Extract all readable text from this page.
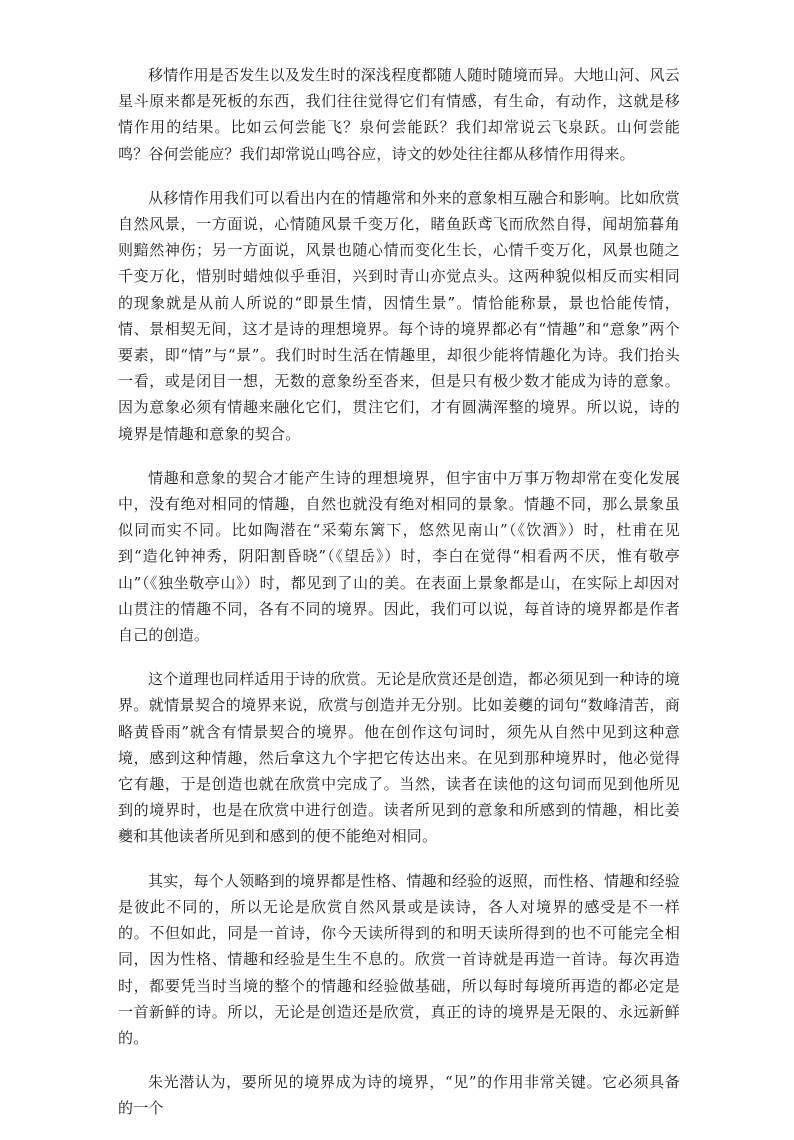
移情作用是否发生以及发生时的深浅程度都随人随时随境而异。大地山河、风云星斗原来都是死板的东西，我们往往觉得它们有情感，有生命，有动作，这就是移情作用的结果。比如云何尝能飞？泉何尝能跃？我们却常说云飞泉跃。山何尝能鸣？谷何尝能应？我们却常说山鸣谷应，诗文的妙处往往都从移情作用得来。

从移情作用我们可以看出内在的情趣常和外来的意象相互融合和影响。比如欣赏自然风景，一方面说，心情随风景千变万化，睹鱼跃鸢飞而欣然自得，闻胡笳暮角则黯然神伤；另一方面说，风景也随心情而变化生长，心情千变万化，风景也随之千变万化，惜别时蜡烛似乎垂泪，兴到时青山亦觉点头。这两种貌似相反而实相同的现象就是从前人所说的“即景生情，因情生景”。情恰能称景，景也恰能传情，情、景相契无间，这才是诗的理想境界。每个诗的境界都必有“情趣”和“意象”两个要素，即“情”与“景”。我们时时生活在情趣里，却很少能将情趣化为诗。我们抬头一看，或是闭目一想，无数的意象纷至沓来，但是只有极少数才能成为诗的意象。因为意象必须有情趣来融化它们，贯注它们，才有圆满浑整的境界。所以说，诗的境界是情趣和意象的契合。

情趣和意象的契合才能产生诗的理想境界，但宇宙中万事万物却常在变化发展中，没有绝对相同的情趣，自然也就没有绝对相同的景象。情趣不同，那么景象虽似同而实不同。比如陶潜在“采菊东篱下，悠然见南山”（《饮酒》）时，杜甫在见到“造化钟神秀，阴阳割昏晓”（《望岳》）时，李白在觉得“相看两不厌，惟有敬亭山”（《独坐敬亭山》）时，都见到了山的美。在表面上景象都是山，在实际上却因对山贯注的情趣不同，各有不同的境界。因此，我们可以说，每首诗的境界都是作者自己的创造。

这个道理也同样适用于诗的欣赏。无论是欣赏还是创造，都必须见到一种诗的境界。就情景契合的境界来说，欣赏与创造并无分别。比如姜夔的词句“数峰清苦，商略黄昏雨”就含有情景契合的境界。他在创作这句词时，须先从自然中见到这种意境，感到这种情趣，然后拿这九个字把它传达出来。在见到那种境界时，他必觉得它有趣，于是创造也就在欣赏中完成了。当然，读者在读他的这句词而见到他所见到的境界时，也是在欣赏中进行创造。读者所见到的意象和所感到的情趣，相比姜夔和其他读者所见到和感到的便不能绝对相同。

其实，每个人领略到的境界都是性格、情趣和经验的返照，而性格、情趣和经验是彼此不同的，所以无论是欣赏自然风景或是读诗，各人对境界的感受是不一样的。不但如此，同是一首诗，你今天读所得到的和明天读所得到的也不可能完全相同，因为性格、情趣和经验是生生不息的。欣赏一首诗就是再造一首诗。每次再造时，都要凭当时当境的整个的情趣和经验做基础，所以每时每境所再造的都必定是一首新鲜的诗。所以，无论是创造还是欣赏，真正的诗的境界是无限的、永远新鲜的。

朱光潜认为，要所见的境界成为诗的境界，“见”的作用非常关键。它必须具备的一个
